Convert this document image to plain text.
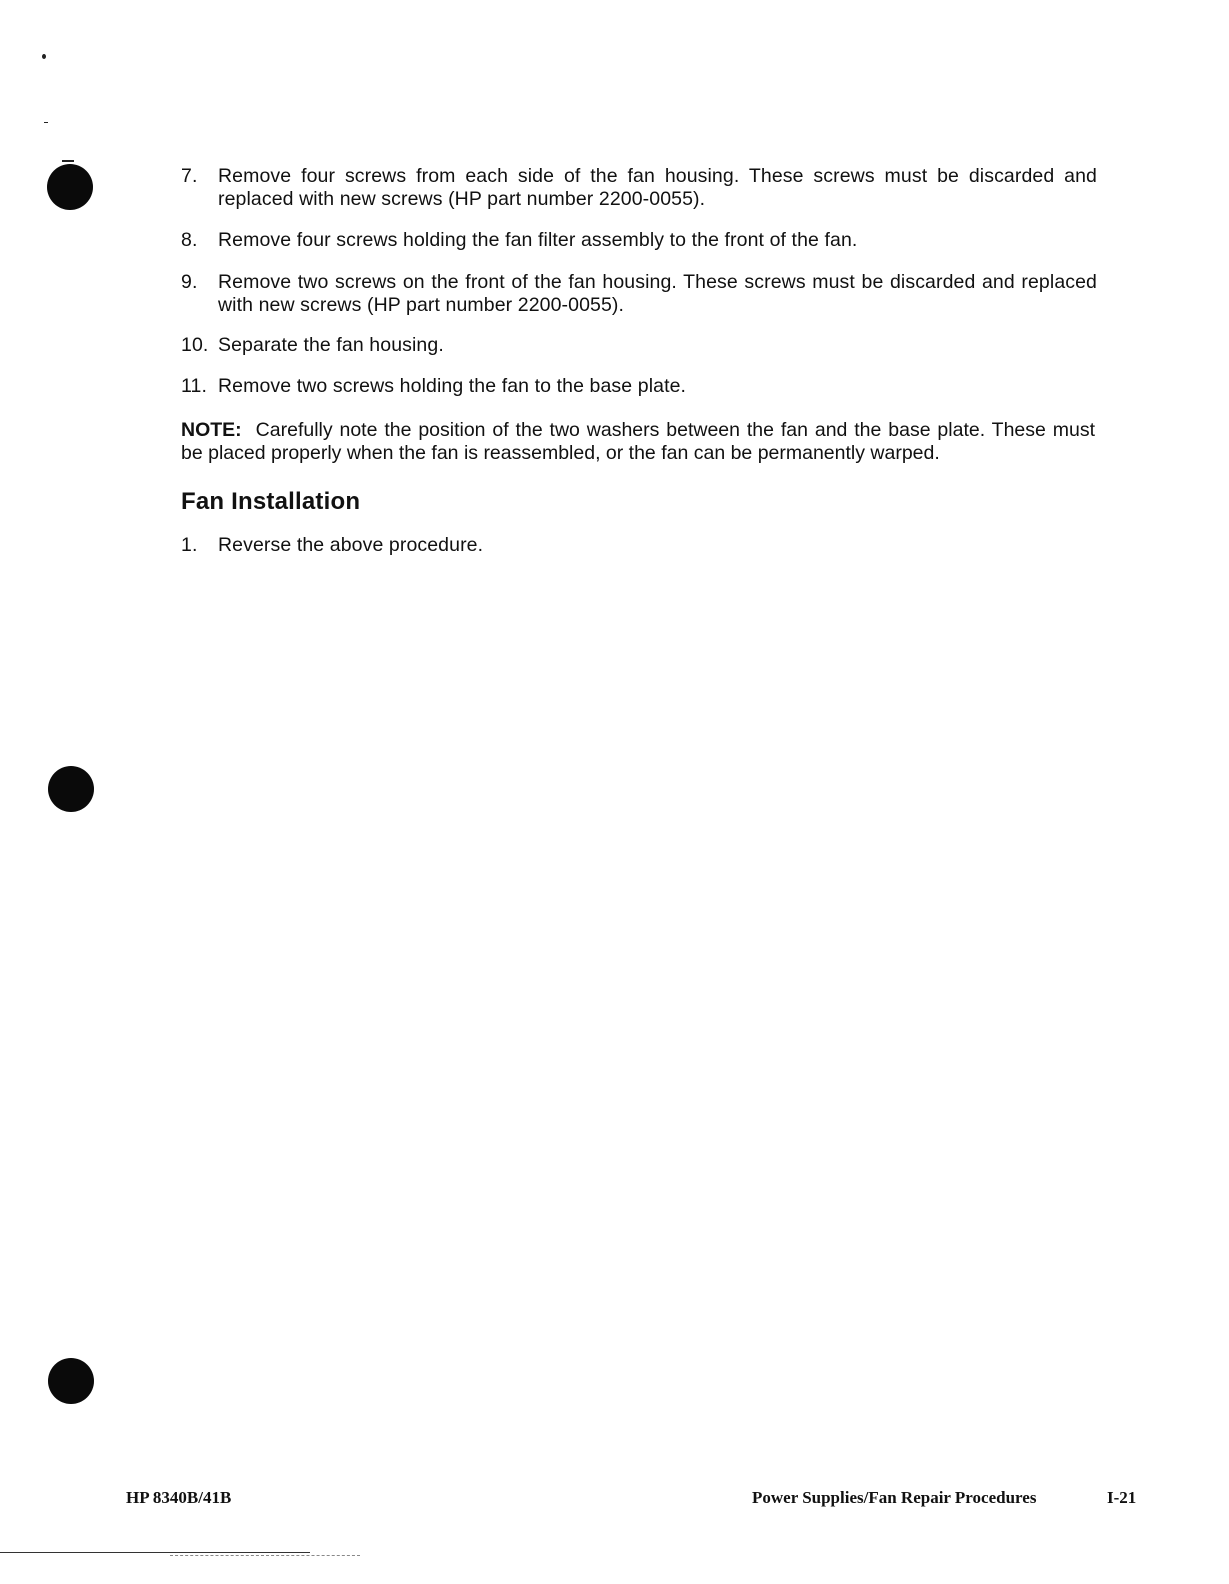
7.	Remove four screws from each side of the fan housing. These screws must be discarded and replaced with new screws (HP part number 2200-0055).
8.	Remove four screws holding the fan filter assembly to the front of the fan.
9.	Remove two screws on the front of the fan housing. These screws must be discarded and replaced with new screws (HP part number 2200-0055).
10. Separate the fan housing.
11. Remove two screws holding the fan to the base plate.
NOTE: Carefully note the position of the two washers between the fan and the base plate. These must be placed properly when the fan is reassembled, or the fan can be permanently warped.
Fan Installation
1.	Reverse the above procedure.
HP 8340B/41B	Power Supplies/Fan Repair Procedures	I-21
